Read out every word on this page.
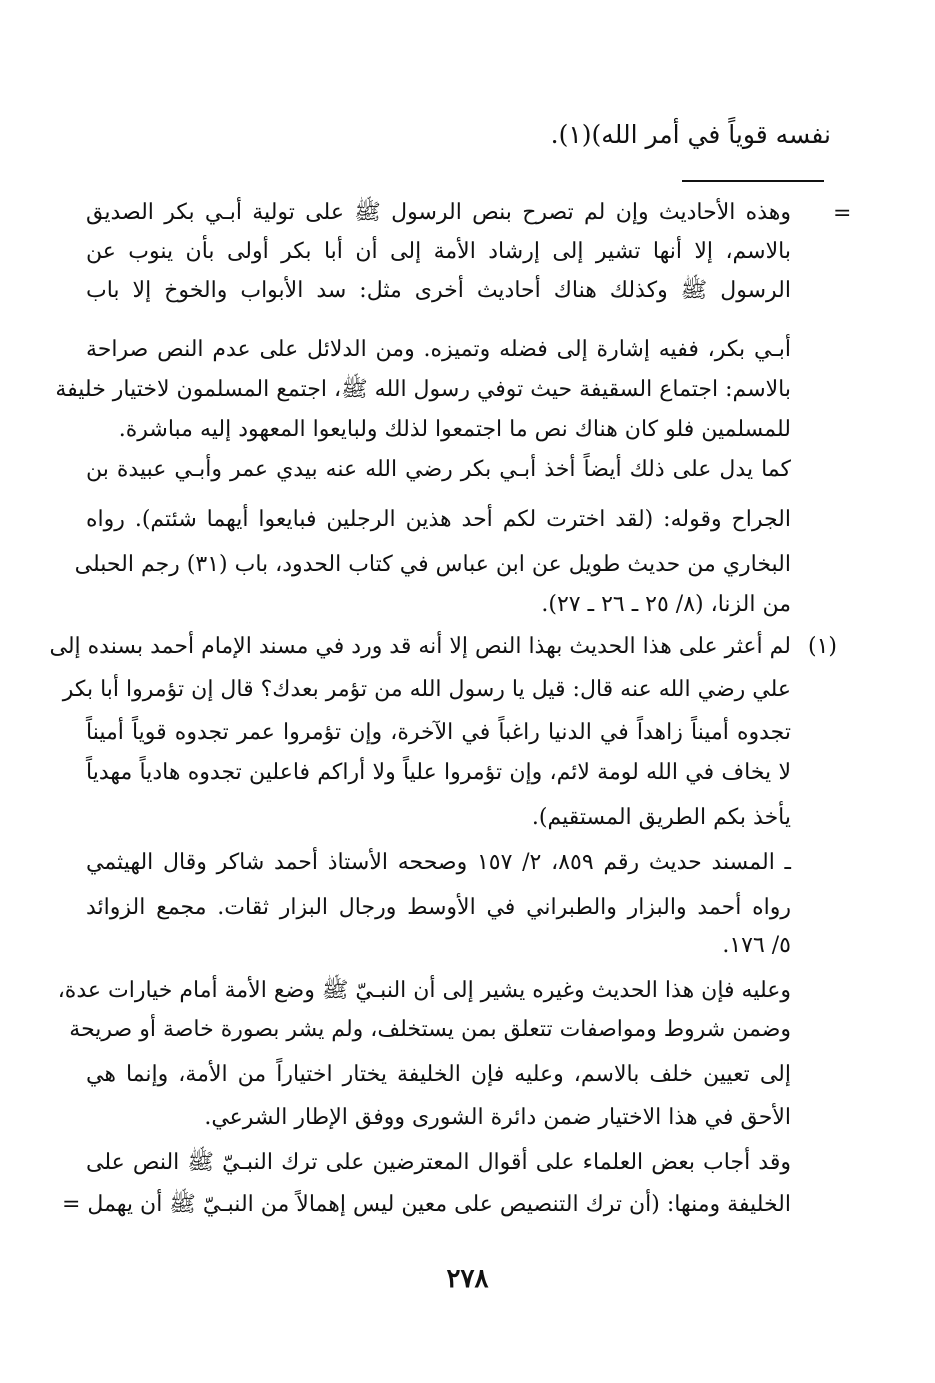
نفسه قوياً في أمر الله)(١).
=
وهذه الأحاديث وإن لم تصرح بنص الرسول ﷺ على تولية أبـي بكر الصديق
بالاسم، إلا أنها تشير إلى إرشاد الأمة إلى أن أبا بكر أولى بأن ينوب عن
الرسول ﷺ وكذلك هناك أحاديث أخرى مثل: سد الأبواب والخوخ إلا باب
أبـي بكر، ففيه إشارة إلى فضله وتميزه. ومن الدلائل على عدم النص صراحة
بالاسم: اجتماع السقيفة حيث توفي رسول الله ﷺ، اجتمع المسلمون لاختيار خليفة
للمسلمين فلو كان هناك نص ما اجتمعوا لذلك ولبايعوا المعهود إليه مباشرة.
كما يدل على ذلك أيضاً أخذ أبـي بكر رضي الله عنه بيدي عمر وأبـي عبيدة بن
الجراح وقوله: (لقد اخترت لكم أحد هذين الرجلين فبايعوا أيهما شئتم). رواه
البخاري من حديث طويل عن ابن عباس في كتاب الحدود، باب (٣١) رجم الحبلى
من الزنا، (٨/ ٢٥ ـ ٢٦ ـ ٢٧).
(١)
لم أعثر على هذا الحديث بهذا النص إلا أنه قد ورد في مسند الإمام أحمد بسنده إلى
علي رضي الله عنه قال: قيل يا رسول الله من تؤمر بعدك؟ قال إن تؤمروا أبا بكر
تجدوه أميناً زاهداً في الدنيا راغباً في الآخرة، وإن تؤمروا عمر تجدوه قوياً أميناً
لا يخاف في الله لومة لائم، وإن تؤمروا علياً ولا أراكم فاعلين تجدوه هادياً مهدياً
يأخذ بكم الطريق المستقيم).
ـ المسند حديث رقم ٨٥٩، ٢/ ١٥٧ وصححه الأستاذ أحمد شاكر وقال الهيثمي
رواه أحمد والبزار والطبراني في الأوسط ورجال البزار ثقات. مجمع الزوائد
٥/ ١٧٦.
وعليه فإن هذا الحديث وغيره يشير إلى أن النبـيّ ﷺ وضع الأمة أمام خيارات عدة،
وضمن شروط ومواصفات تتعلق بمن يستخلف، ولم يشر بصورة خاصة أو صريحة
إلى تعيين خلف بالاسم، وعليه فإن الخليفة يختار اختياراً من الأمة، وإنما هي
الأحق في هذا الاختيار ضمن دائرة الشورى ووفق الإطار الشرعي.
وقد أجاب بعض العلماء على أقوال المعترضين على ترك النبـيّ ﷺ النص على
الخليفة ومنها: (أن ترك التنصيص على معين ليس إهمالاً من النبـيّ ﷺ أن يهمل =
٢٧٨
